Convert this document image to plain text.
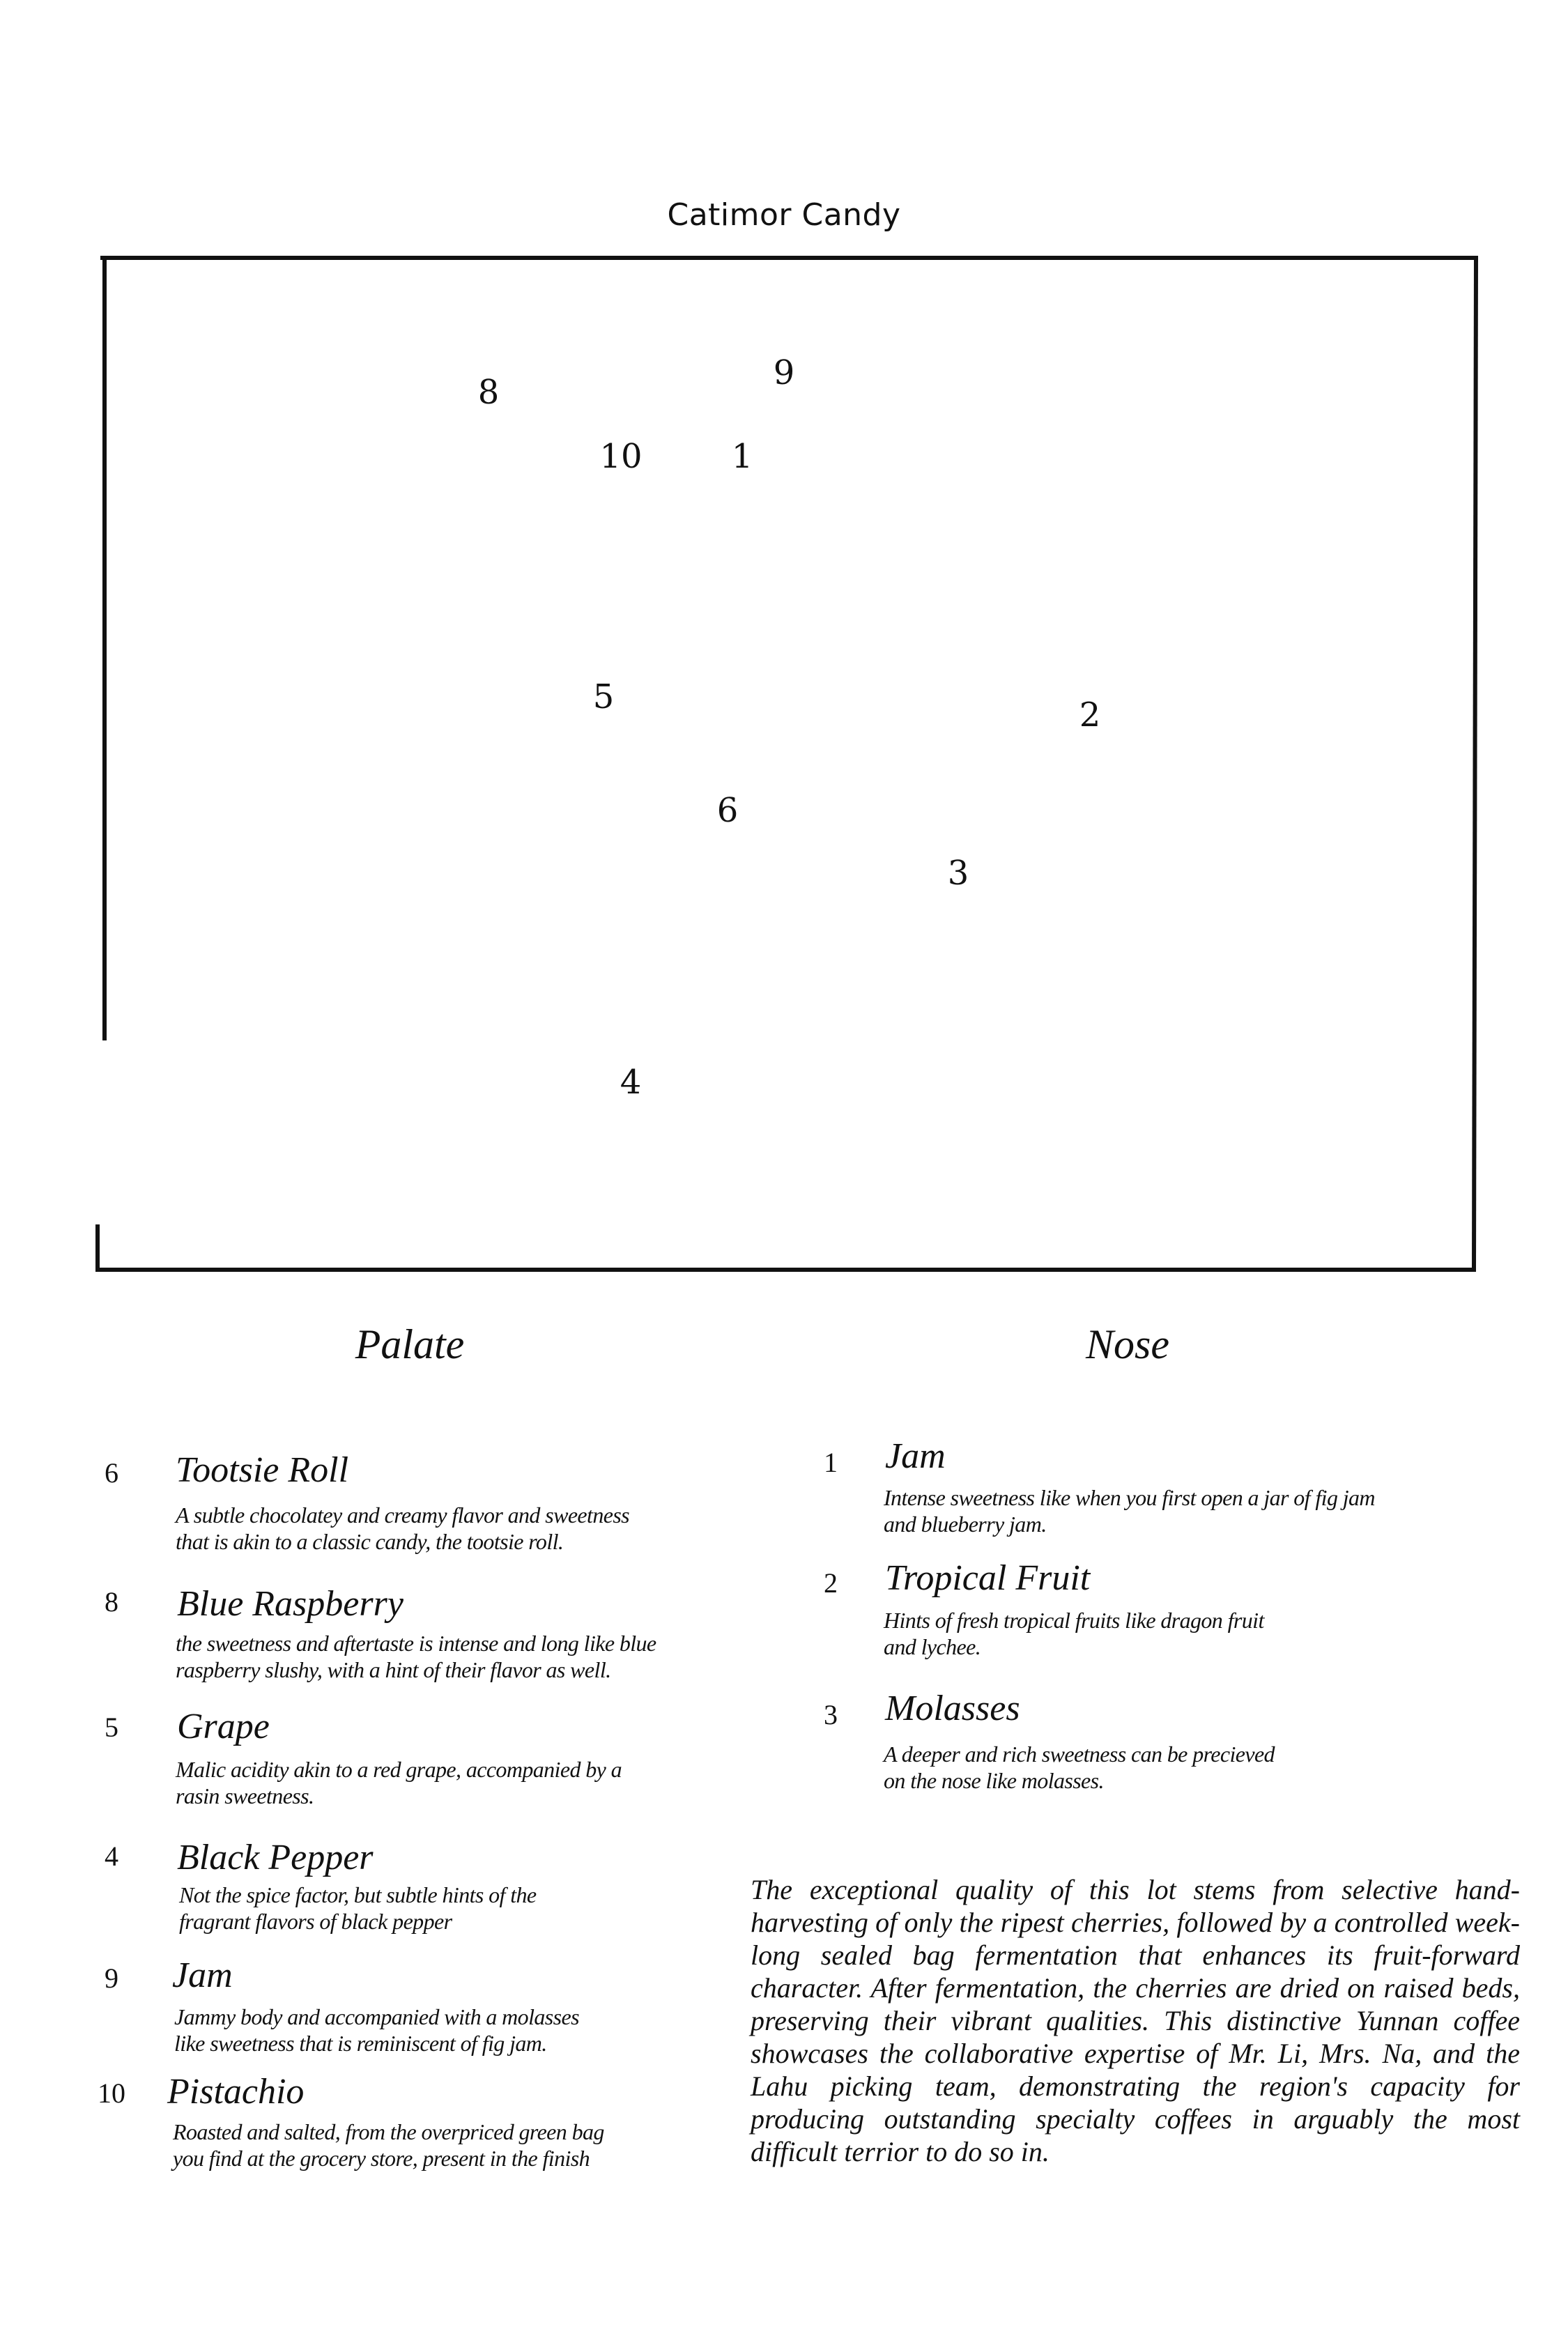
Catimor Candy
8	9
10	1
5	2
6
3
4
Palate	Nose
6 Tootsie Roll
A subtle chocolatey and creamy flavor and sweetness
that is akin to a classic candy, the tootsie roll.
8 Blue Raspberry
the sweetness and aftertaste is intense and long like blue
raspberry slushy, with a hint of their flavor as well.
5 Grape
Malic acidity akin to a red grape, accompanied by a
rasin sweetness.
4 Black Pepper
Not the spice factor, but subtle hints of the
fragrant flavors of black pepper
9 Jam
Jammy body and accompanied with a molasses
like sweetness that is reminiscent of fig jam.
10 Pistachio
Roasted and salted, from the overpriced green bag
you find at the grocery store, present in the finish
1 Jam
Intense sweetness like when you first open a jar of fig jam
and blueberry jam.
2 Tropical Fruit
Hints of fresh tropical fruits like dragon fruit
and lychee.
3 Molasses
A deeper and rich sweetness can be precieved
on the nose like molasses.
The exceptional quality of this lot stems from selective hand-harvesting of only the ripest cherries, followed by a controlled week-long sealed bag fermentation that enhances its fruit-forward character. After fermentation, the cherries are dried on raised beds, preserving their vibrant qualities. This distinctive Yunnan coffee showcases the collaborative expertise of Mr. Li, Mrs. Na, and the Lahu picking team, demonstrating the region's capacity for producing outstanding specialty coffees in arguably the most difficult terrior to do so in.
